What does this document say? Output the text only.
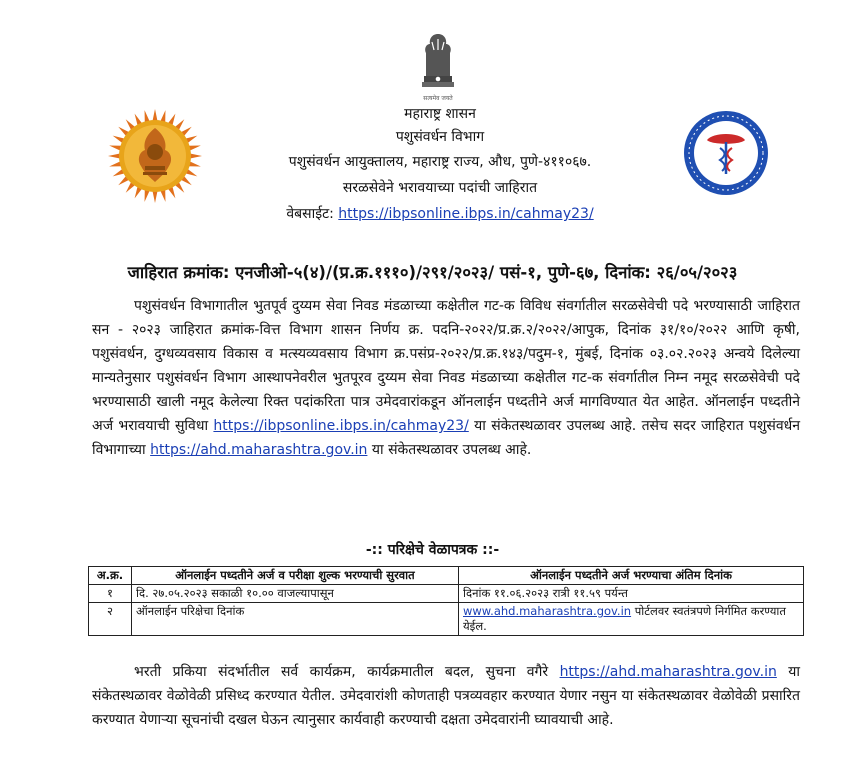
सत्यमेव जयते
महाराष्ट्र शासन
पशुसंवर्धन विभाग
पशुसंवर्धन आयुक्तालय, महाराष्ट्र राज्य, औध, पुणे-४११०६७.
सरळसेवेने भरावयाच्या पदांची जाहिरात
वेबसाईट: https://ibpsonline.ibps.in/cahmay23/
जाहिरात क्रमांक: एनजीओ-५(४)/(प्र.क्र.१११०)/२९१/२०२३/ पसं-१, पुणे-६७, दिनांक: २६/०५/२०२३

पशुसंवर्धन विभागातील भुतपूर्व दुय्यम सेवा निवड मंडळाच्या कक्षेतील गट-क विविध संवर्गातील सरळसेवेची पदे भरण्यासाठी जाहिरात सन - २०२३ जाहिरात क्रमांक-वित्त विभाग शासन निर्णय क्र. पदनि-२०२२/प्र.क्र.२/२०२२/आपुक, दिनांक ३१/१०/२०२२ आणि कृषी, पशुसंवर्धन, दुग्धव्यवसाय विकास व मत्स्यव्यवसाय विभाग क्र.पसंप्र-२०२२/प्र.क्र.१४३/पदुम-१, मुंबई, दिनांक ०३.०२.२०२३ अन्वये दिलेल्या मान्यतेनुसार पशुसंवर्धन विभाग आस्थापनेवरील भुतपूरव दुय्यम सेवा निवड मंडळाच्या कक्षेतील गट-क संवर्गातील निम्न नमूद सरळसेवेची पदे भरण्यासाठी खाली नमूद केलेल्या रिक्त पदांकरिता पात्र उमेदवारांकडून ऑनलाईन पध्दतीने अर्ज मागविण्यात येत आहेत. ऑनलाईन पध्दतीने अर्ज भरावयाची सुविधा https://ibpsonline.ibps.in/cahmay23/ या संकेतस्थळावर उपलब्ध आहे. तसेच सदर जाहिरात पशुसंवर्धन विभागाच्या https://ahd.maharashtra.gov.in या संकेतस्थळावर उपलब्ध आहे.

-:: परिक्षेचे वेळापत्रक ::-
अ.क्र.	ऑनलाईन पध्दतीने अर्ज व परीक्षा शुल्क भरण्याची सुरवात	ऑनलाईन पध्दतीने अर्ज भरण्याचा अंतिम दिनांक
१	दि. २७.०५.२०२३ सकाळी १०.०० वाजल्यापासून	दिनांक ११.०६.२०२३ रात्री ११.५९ पर्यन्त
२	ऑनलाईन परिक्षेचा दिनांक	www.ahd.maharashtra.gov.in पोर्टलवर स्वतंत्रपणे निर्गमित करण्यात येईल.

भरती प्रकिया संदर्भातील सर्व कार्यक्रम, कार्यक्रमातील बदल, सुचना वगैरे https://ahd.maharashtra.gov.in या संकेतस्थळावर वेळोवेळी प्रसिध्द करण्यात येतील. उमेदवारांशी कोणताही पत्रव्यवहार करण्यात येणार नसुन या संकेतस्थळावर वेळोवेळी प्रसारित करण्यात येणाऱ्या सूचनांची दखल घेऊन त्यानुसार कार्यवाही करण्याची दक्षता उमेदवारांनी घ्यावयाची आहे.
